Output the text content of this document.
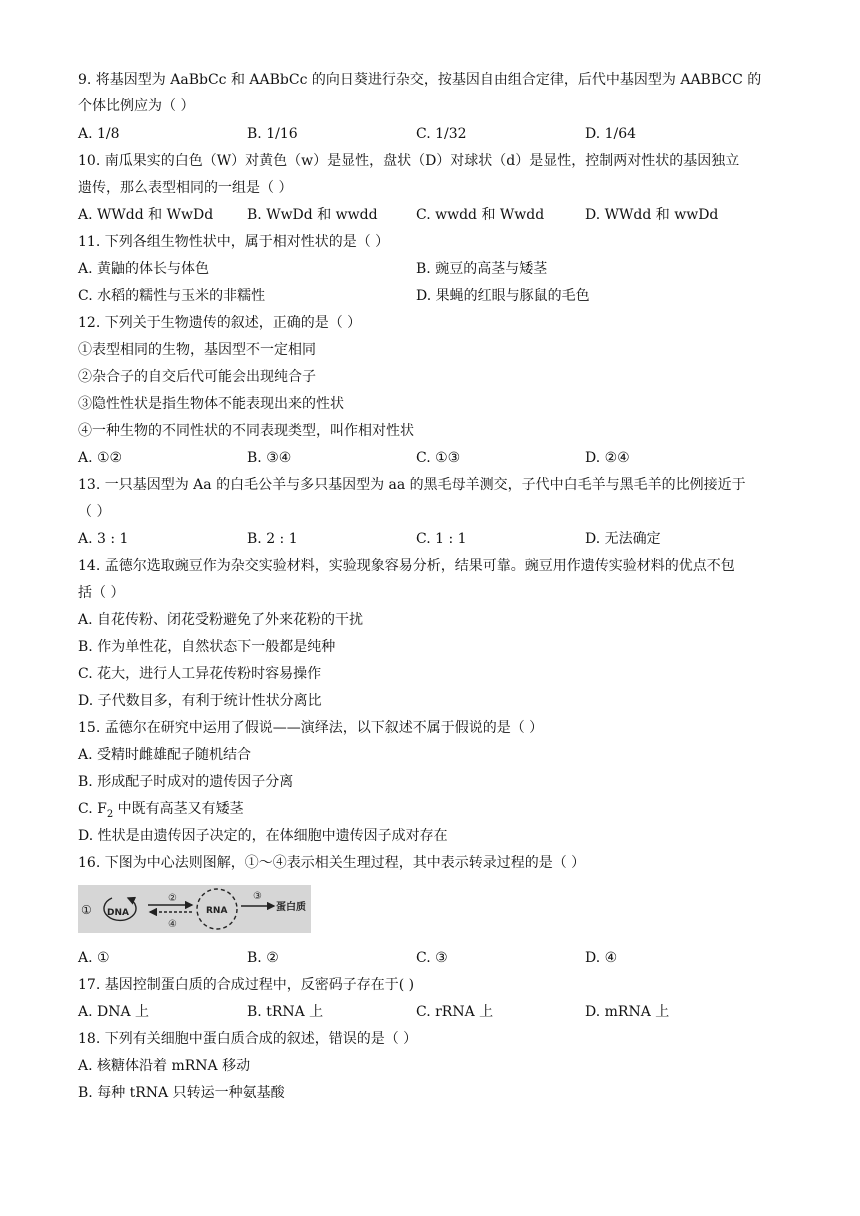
9. 将基因型为 AaBbCc 和 AABbCc 的向日葵进行杂交，按基因自由组合定律，后代中基因型为 AABBCC 的
个体比例应为（ ）
A. 1/8	B. 1/16	C. 1/32	D. 1/64
10. 南瓜果实的白色（W）对黄色（w）是显性，盘状（D）对球状（d）是显性，控制两对性状的基因独立
遗传，那么表型相同的一组是（ ）
A. WWdd 和 WwDd B. WwDd 和 wwdd	C. wwdd 和 Wwdd	D. WWdd 和 wwDd
11. 下列各组生物性状中，属于相对性状的是（ ）
A. 黄鼬的体长与体色	B. 豌豆的高茎与矮茎
C. 水稻的糯性与玉米的非糯性	D. 果蝇的红眼与豚鼠的毛色
12. 下列关于生物遗传的叙述，正确的是（ ）
①表型相同的生物，基因型不一定相同
②杂合子的自交后代可能会出现纯合子
③隐性性状是指生物体不能表现出来的性状
④一种生物的不同性状的不同表现类型，叫作相对性状
A. ①②	B. ③④	C. ①③	D. ②④
13. 一只基因型为 Aa 的白毛公羊与多只基因型为 aa 的黑毛母羊测交，子代中白毛羊与黑毛羊的比例接近于
（ ）
A. 3 : 1	B. 2 : 1	C. 1 : 1	D. 无法确定
14. 孟德尔选取豌豆作为杂交实验材料，实验现象容易分析，结果可靠。豌豆用作遗传实验材料的优点不包
括（ ）
A. 自花传粉、闭花受粉避免了外来花粉的干扰
B. 作为单性花，自然状态下一般都是纯种
C. 花大，进行人工异花传粉时容易操作
D. 子代数目多，有利于统计性状分离比
15. 孟德尔在研究中运用了假说——演绎法，以下叙述不属于假说的是（ ）
A. 受精时雌雄配子随机结合
B. 形成配子时成对的遗传因子分离
C. $F_2$ 中既有高茎又有矮茎
D. 性状是由遗传因子决定的，在体细胞中遗传因子成对存在
16. 下图为中心法则图解，①～④表示相关生理过程，其中表示转录过程的是（ ）
① DNA
②
④
RNA
③
蛋白质
A. ①	B. ②	C. ③	D. ④
17. 基因控制蛋白质的合成过程中，反密码子存在于( )
A. DNA 上	B. tRNA 上	C. rRNA 上	D. mRNA 上
18. 下列有关细胞中蛋白质合成的叙述，错误的是（ ）
A. 核糖体沿着 mRNA 移动
B. 每种 tRNA 只转运一种氨基酸
